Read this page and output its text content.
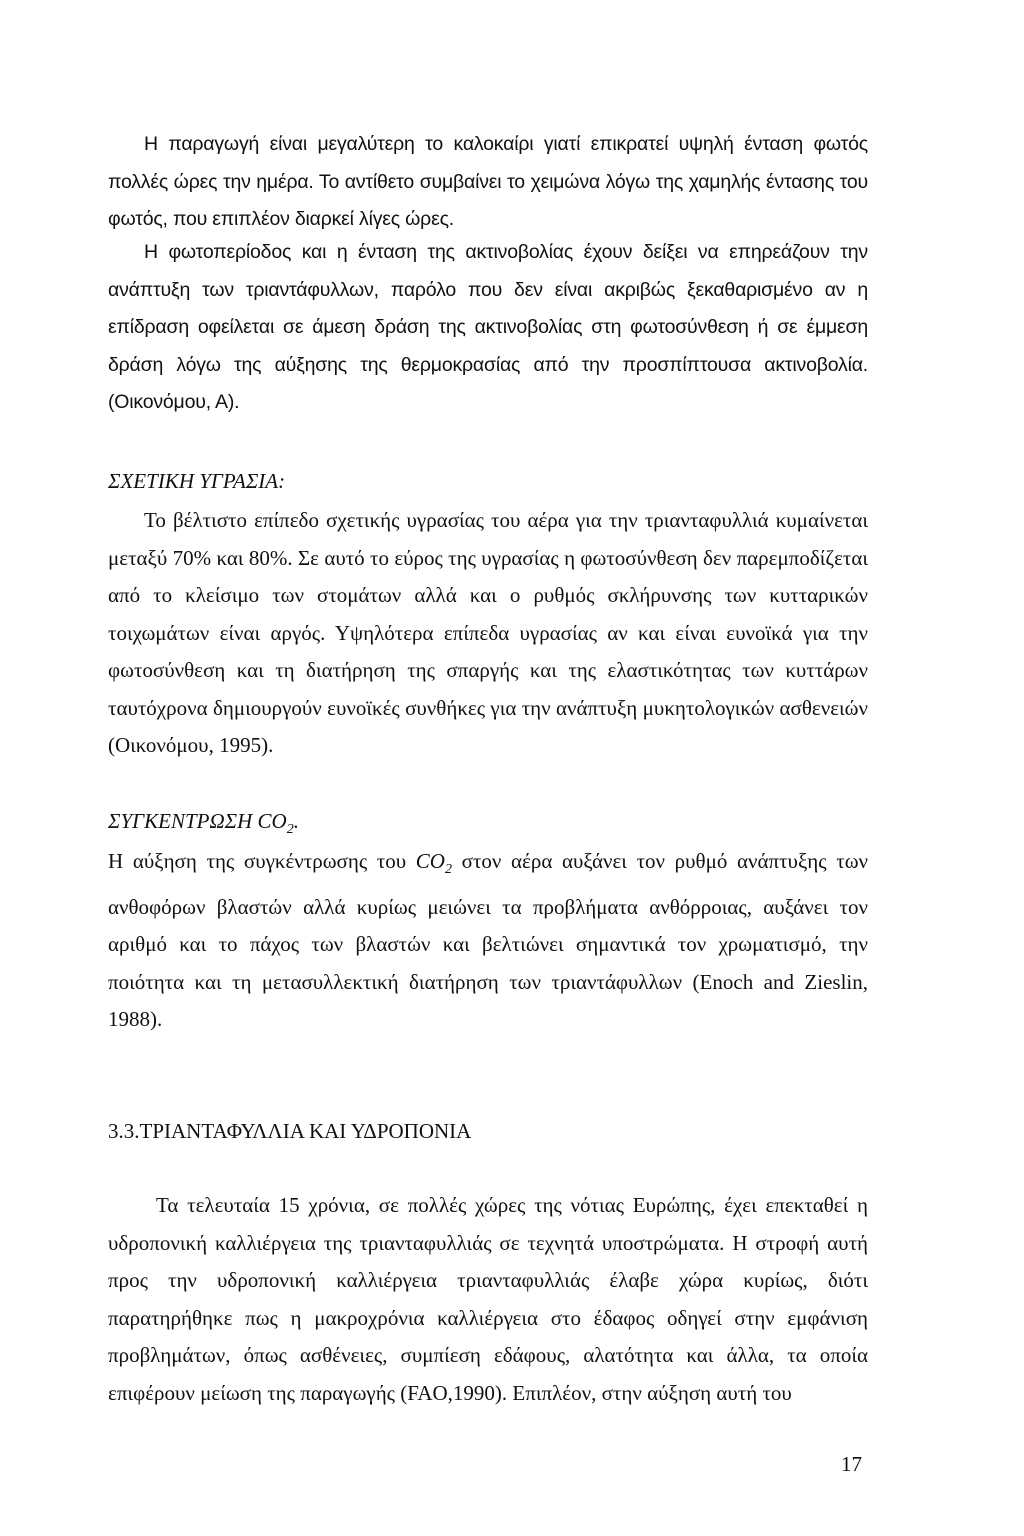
Η παραγωγή είναι μεγαλύτερη το καλοκαίρι γιατί επικρατεί υψηλή ένταση φωτός πολλές ώρες την ημέρα. Το αντίθετο συμβαίνει το χειμώνα λόγω της χαμηλής έντασης του φωτός, που επιπλέον διαρκεί λίγες ώρες.

Η φωτοπερίοδος και η ένταση της ακτινοβολίας έχουν δείξει να επηρεάζουν την ανάπτυξη των τριαντάφυλλων, παρόλο που δεν είναι ακριβώς ξεκαθαρισμένο αν η επίδραση οφείλεται σε άμεση δράση της ακτινοβολίας στη φωτοσύνθεση ή σε έμμεση δράση λόγω της αύξησης της θερμοκρασίας από την προσπίπτουσα ακτινοβολία. (Οικονόμου, Α).

ΣΧΕΤΙΚΗ ΥΓΡΑΣΙΑ:

Το βέλτιστο επίπεδο σχετικής υγρασίας του αέρα για την τριανταφυλλιά κυμαίνεται μεταξύ 70% και 80%. Σε αυτό το εύρος της υγρασίας η φωτοσύνθεση δεν παρεμποδίζεται από το κλείσιμο των στομάτων αλλά και ο ρυθμός σκλήρυνσης των κυτταρικών τοιχωμάτων είναι αργός. Υψηλότερα επίπεδα υγρασίας αν και είναι ευνοϊκά για την φωτοσύνθεση και τη διατήρηση της σπαργής και της ελαστικότητας των κυττάρων ταυτόχρονα δημιουργούν ευνοϊκές συνθήκες για την ανάπτυξη μυκητολογικών ασθενειών (Οικονόμου, 1995).

ΣΥΓΚΕΝΤΡΩΣΗ $CO_2$.

Η αύξηση της συγκέντρωσης του $CO_2$ στον αέρα αυξάνει τον ρυθμό ανάπτυξης των ανθοφόρων βλαστών αλλά κυρίως μειώνει τα προβλήματα ανθόρροιας, αυξάνει τον αριθμό και το πάχος των βλαστών και βελτιώνει σημαντικά τον χρωματισμό, την ποιότητα και τη μετασυλλεκτική διατήρηση των τριαντάφυλλων (Enoch and Zieslin, 1988).

3.3.ΤΡΙΑΝΤΑΦΥΛΛΙΑ ΚΑΙ ΥΔΡΟΠΟΝΙΑ

Τα τελευταία 15 χρόνια, σε πολλές χώρες της νότιας Ευρώπης, έχει επεκταθεί η υδροπονική καλλιέργεια της τριανταφυλλιάς σε τεχνητά υποστρώματα. Η στροφή αυτή προς την υδροπονική καλλιέργεια τριανταφυλλιάς έλαβε χώρα κυρίως, διότι παρατηρήθηκε πως η μακροχρόνια καλλιέργεια στο έδαφος οδηγεί στην εμφάνιση προβλημάτων, όπως ασθένειες, συμπίεση εδάφους, αλατότητα και άλλα, τα οποία επιφέρουν μείωση της παραγωγής (FAO,1990). Επιπλέον, στην αύξηση αυτή του

17
